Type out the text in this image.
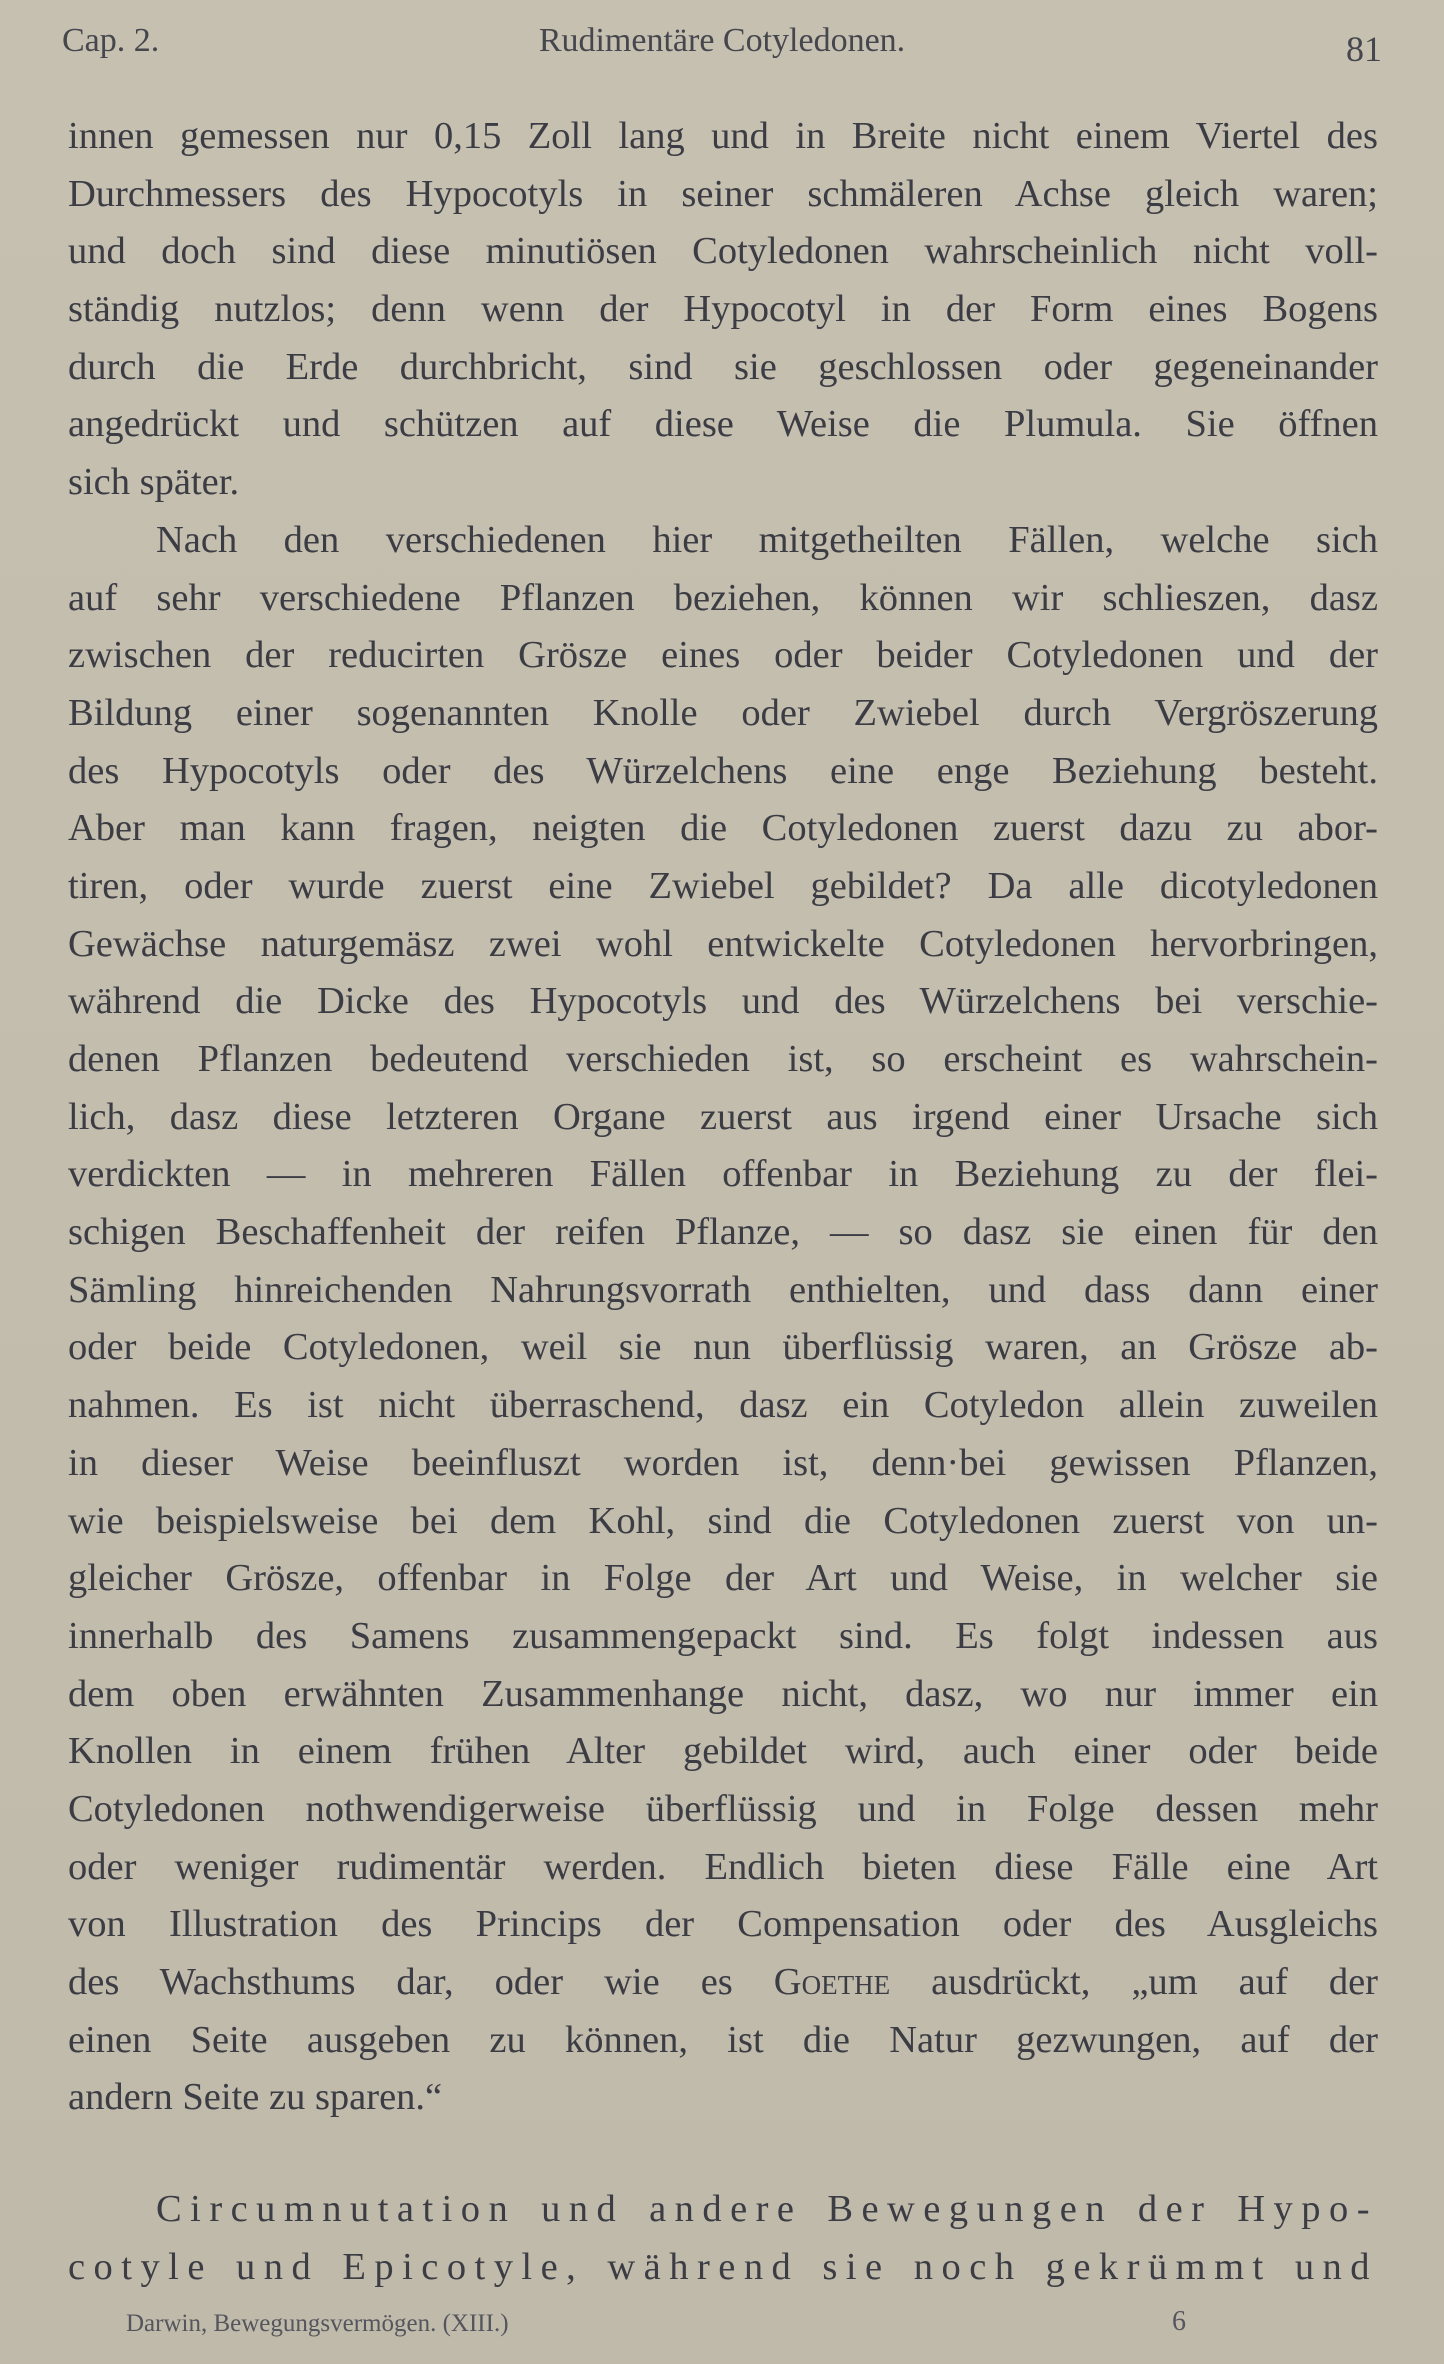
Cap. 2.	Rudimentäre Cotyledonen.	81
innen gemessen nur 0,15 Zoll lang und in Breite nicht einem Viertel des
Durchmessers des Hypocotyls in seiner schmäleren Achse gleich waren;
und doch sind diese minutiösen Cotyledonen wahrscheinlich nicht voll-
ständig nutzlos; denn wenn der Hypocotyl in der Form eines Bogens
durch die Erde durchbricht, sind sie geschlossen oder gegeneinander
angedrückt und schützen auf diese Weise die Plumula. Sie öffnen
sich später.
Nach den verschiedenen hier mitgetheilten Fällen, welche sich
auf sehr verschiedene Pflanzen beziehen, können wir schlieszen, dasz
zwischen der reducirten Grösze eines oder beider Cotyledonen und der
Bildung einer sogenannten Knolle oder Zwiebel durch Vergröszerung
des Hypocotyls oder des Würzelchens eine enge Beziehung besteht.
Aber man kann fragen, neigten die Cotyledonen zuerst dazu zu abor-
tiren, oder wurde zuerst eine Zwiebel gebildet? Da alle dicotyledonen
Gewächse naturgemäsz zwei wohl entwickelte Cotyledonen hervorbringen,
während die Dicke des Hypocotyls und des Würzelchens bei verschie-
denen Pflanzen bedeutend verschieden ist, so erscheint es wahrschein-
lich, dasz diese letzteren Organe zuerst aus irgend einer Ursache sich
verdickten — in mehreren Fällen offenbar in Beziehung zu der flei-
schigen Beschaffenheit der reifen Pflanze, — so dasz sie einen für den
Sämling hinreichenden Nahrungsvorrath enthielten, und dass dann einer
oder beide Cotyledonen, weil sie nun überflüssig waren, an Grösze ab-
nahmen. Es ist nicht überraschend, dasz ein Cotyledon allein zuweilen
in dieser Weise beeinfluszt worden ist, denn·bei gewissen Pflanzen,
wie beispielsweise bei dem Kohl, sind die Cotyledonen zuerst von un-
gleicher Grösze, offenbar in Folge der Art und Weise, in welcher sie
innerhalb des Samens zusammengepackt sind. Es folgt indessen aus
dem oben erwähnten Zusammenhange nicht, dasz, wo nur immer ein
Knollen in einem frühen Alter gebildet wird, auch einer oder beide
Cotyledonen nothwendigerweise überflüssig und in Folge dessen mehr
oder weniger rudimentär werden. Endlich bieten diese Fälle eine Art
von Illustration des Princips der Compensation oder des Ausgleichs
des Wachsthums dar, oder wie es Goethe ausdrückt, „um auf der
einen Seite ausgeben zu können, ist die Natur gezwungen, auf der
andern Seite zu sparen.“
Circumnutation und andere Bewegungen der Hypo-
cotyle und Epicotyle, während sie noch gekrümmt und
Darwin, Bewegungsvermögen. (XIII.)	6
